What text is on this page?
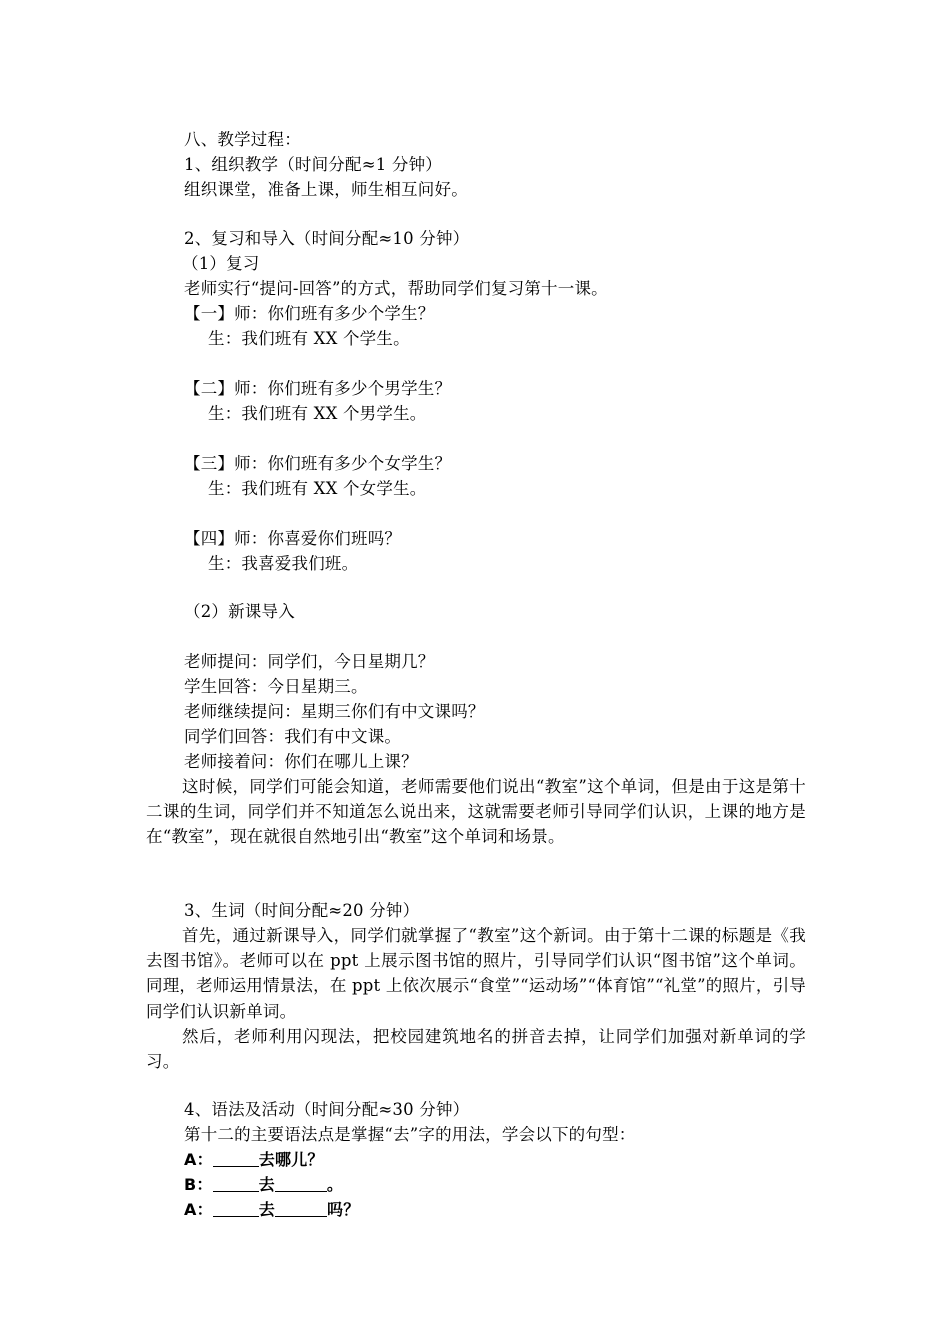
八、教学过程：
1、组织教学（时间分配≈1 分钟）
组织课堂，准备上课，师生相互问好。
2、复习和导入（时间分配≈10 分钟）
（1）复习
老师实行“提问-回答”的方式，帮助同学们复习第十一课。
【一】师：你们班有多少个学生？
生：我们班有 XX 个学生。
【二】师：你们班有多少个男学生？
生：我们班有 XX 个男学生。
【三】师：你们班有多少个女学生？
生：我们班有 XX 个女学生。
【四】师：你喜爱你们班吗？
生：我喜爱我们班。
（2）新课导入
老师提问：同学们，今日星期几？
学生回答：今日星期三。
老师继续提问：星期三你们有中文课吗？
同学们回答：我们有中文课。
老师接着问：你们在哪儿上课？
这时候，同学们可能会知道，老师需要他们说出“教室”这个单词，但是由于这是第十二课的生词，同学们并不知道怎么说出来，这就需要老师引导同学们认识，上课的地方是在“教室”，现在就很自然地引出“教室”这个单词和场景。
3、生词（时间分配≈20 分钟）
首先，通过新课导入，同学们就掌握了“教室”这个新词。由于第十二课的标题是《我去图书馆》。老师可以在 ppt 上展示图书馆的照片，引导同学们认识“图书馆”这个单词。同理，老师运用情景法，在 ppt 上依次展示“食堂”“运动场”“体育馆”“礼堂”的照片，引导同学们认识新单词。
然后，老师利用闪现法，把校园建筑地名的拼音去掉，让同学们加强对新单词的学习。
4、语法及活动（时间分配≈30 分钟）
第十二的主要语法点是掌握“去”字的用法，学会以下的句型：
A：	去哪儿？
B：	去	。
A：	去	吗？
